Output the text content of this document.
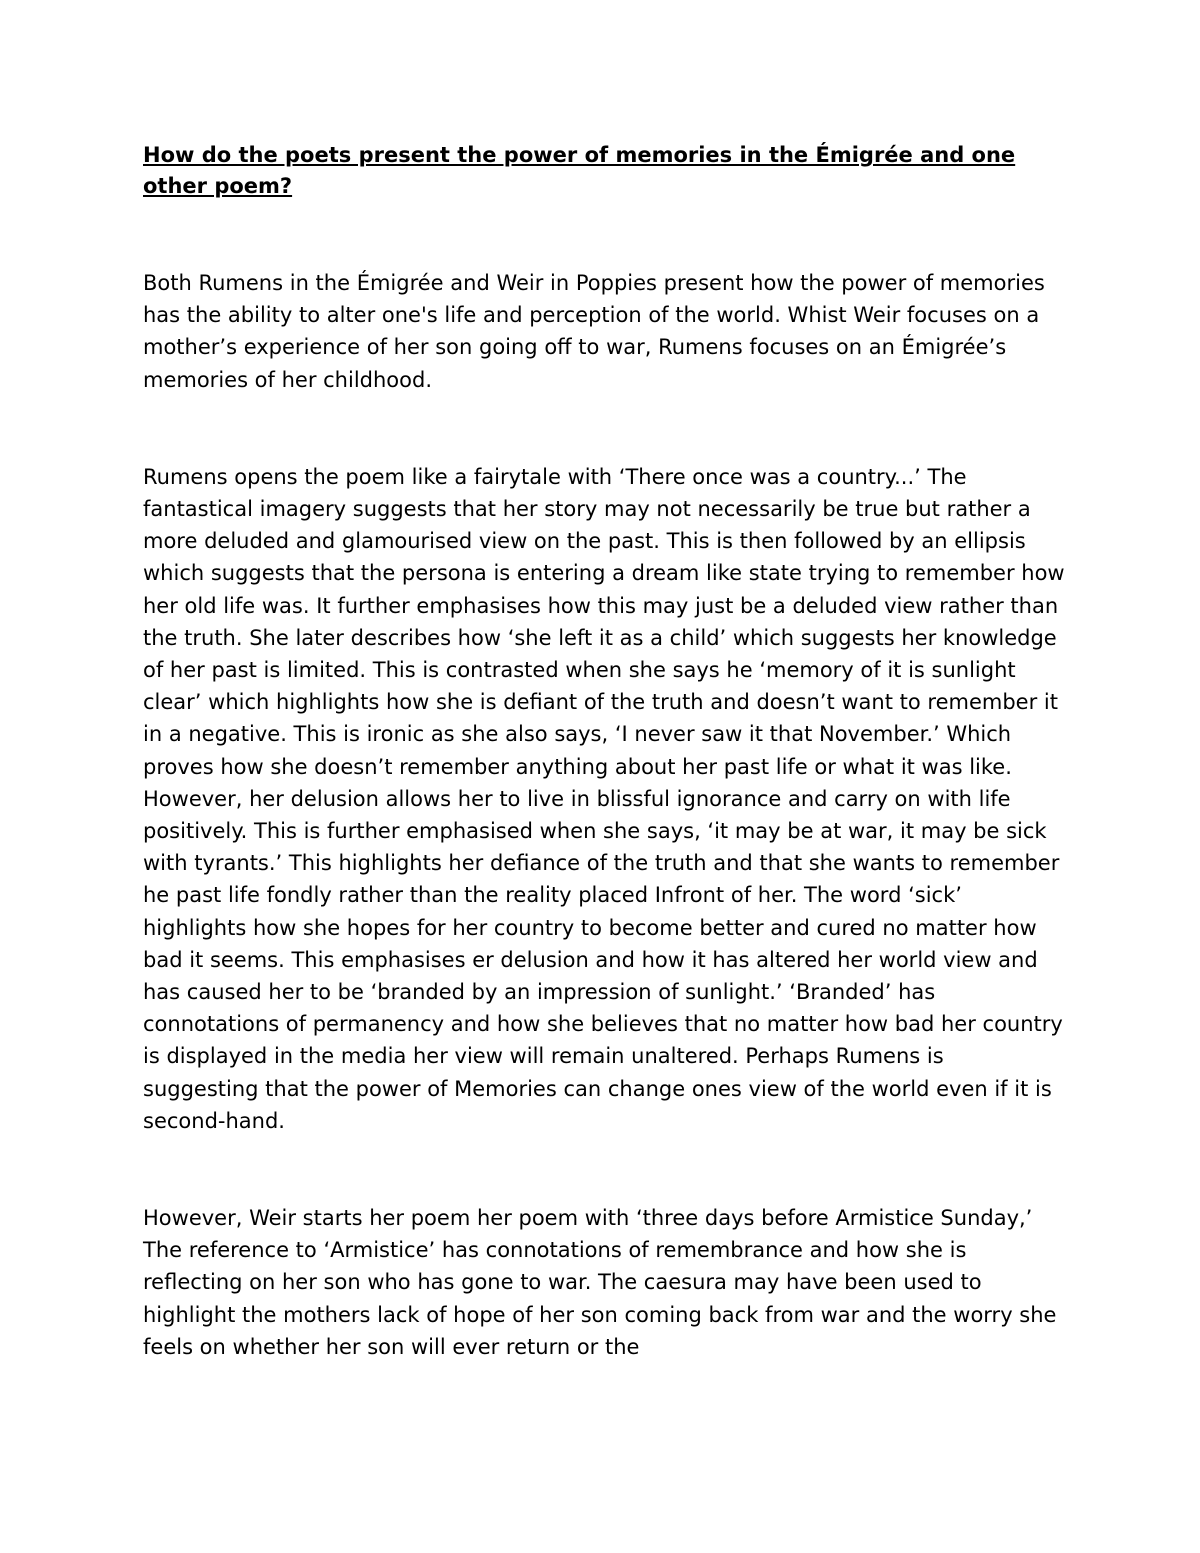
How do the poets present the power of memories in the Émigrée and one other poem?

Both Rumens in the Émigrée and Weir in Poppies present how the power of memories has the ability to alter one's life and perception of the world. Whist Weir focuses on a mother’s experience of her son going off to war, Rumens focuses on an Émigrée’s memories of her childhood.

Rumens opens the poem like a fairytale with ‘There once was a country...’ The fantastical imagery suggests that her story may not necessarily be true but rather a more deluded and glamourised view on the past. This is then followed by an ellipsis which suggests that the persona is entering a dream like state trying to remember how her old life was. It further emphasises how this may just be a deluded view rather than the truth. She later describes how ‘she left it as a child’ which suggests her knowledge of her past is limited. This is contrasted when she says he ‘memory of it is sunlight clear’ which highlights how she is defiant of the truth and doesn’t want to remember it in a negative. This is ironic as she also says, ‘I never saw it that November.’ Which proves how she doesn’t remember anything about her past life or what it was like. However, her delusion allows her to live in blissful ignorance and carry on with life positively. This is further emphasised when she says, ‘it may be at war, it may be sick with tyrants.’ This highlights her defiance of the truth and that she wants to remember he past life fondly rather than the reality placed Infront of her. The word ‘sick’ highlights how she hopes for her country to become better and cured no matter how bad it seems. This emphasises er delusion and how it has altered her world view and has caused her to be ‘branded by an impression of sunlight.’ ‘Branded’ has connotations of permanency and how she believes that no matter how bad her country is displayed in the media her view will remain unaltered. Perhaps Rumens is suggesting that the power of Memories can change ones view of the world even if it is second-hand.

However, Weir starts her poem her poem with ‘three days before Armistice Sunday,’ The reference to ‘Armistice’ has connotations of remembrance and how she is reflecting on her son who has gone to war. The caesura may have been used to highlight the mothers lack of hope of her son coming back from war and the worry she feels on whether her son will ever return or the
